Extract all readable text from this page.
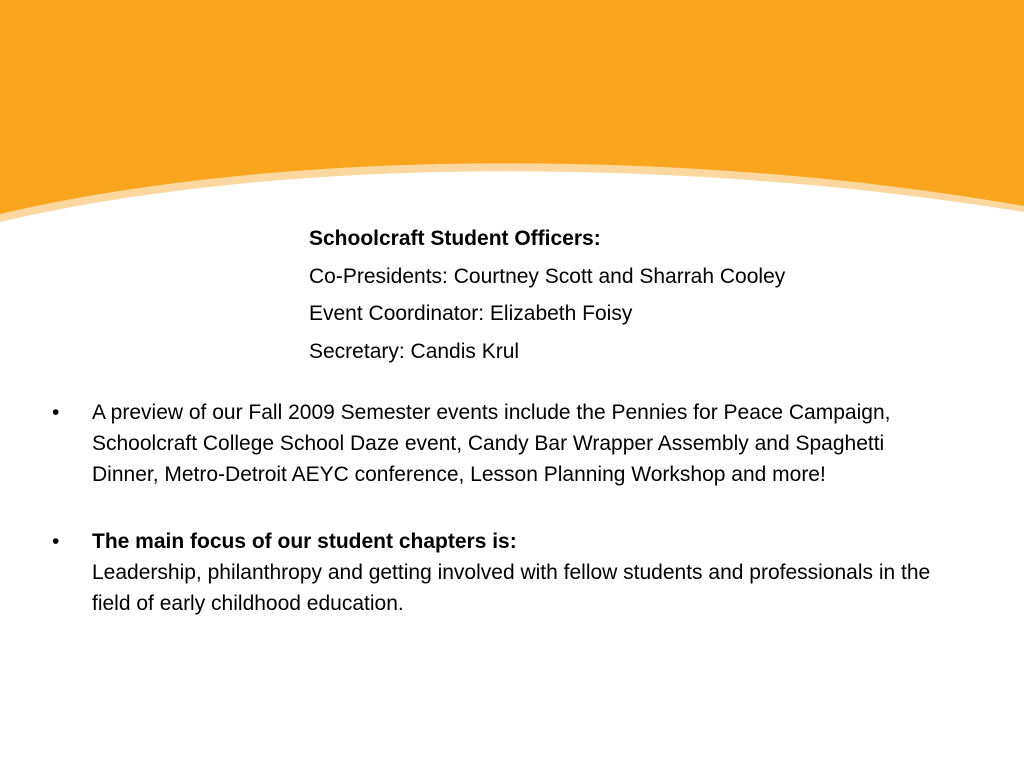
Schoolcraft Student Officers:
Co-Presidents: Courtney Scott and Sharrah Cooley
Event Coordinator: Elizabeth Foisy
Secretary: Candis Krul

• A preview of our Fall 2009 Semester events include the Pennies for Peace Campaign, Schoolcraft College School Daze event, Candy Bar Wrapper Assembly and Spaghetti Dinner, Metro-Detroit AEYC conference, Lesson Planning Workshop and more!

• The main focus of our student chapters is:
Leadership, philanthropy and getting involved with fellow students and professionals in the field of early childhood education.
